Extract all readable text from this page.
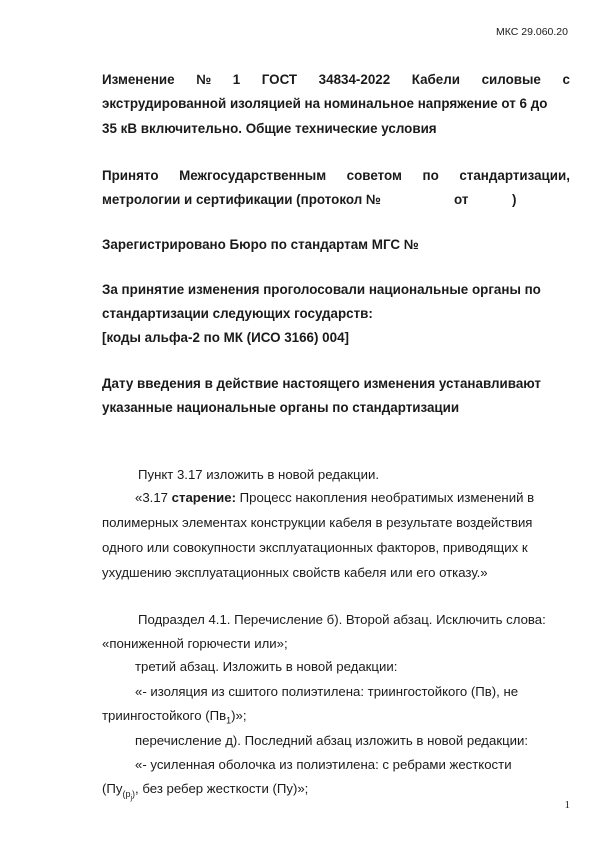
МКС 29.060.20
Изменение № 1 ГОСТ 34834-2022 Кабели силовые с
экструдированной изоляцией на номинальное напряжение от 6 до
35 кВ включительно. Общие технические условия
Принято Межгосударственным советом по стандартизации,
метрологии и сертификации (протокол №	от	)
Зарегистрировано Бюро по стандартам МГС №
За принятие изменения проголосовали национальные органы по
стандартизации следующих государств:
[коды альфа-2 по МК (ИСО 3166) 004]
Дату введения в действие настоящего изменения устанавливают
указанные национальные органы по стандартизации
Пункт 3.17 изложить в новой редакции.
«3.17 старение: Процесс накопления необратимых изменений в
полимерных элементах конструкции кабеля в результате воздействия
одного или совокупности эксплуатационных факторов, приводящих к
ухудшению эксплуатационных свойств кабеля или его отказу.»
Подраздел 4.1. Перечисление б). Второй абзац. Исключить слова:
«пониженной горючести или»;
третий абзац. Изложить в новой редакции:
«- изоляция из сшитого полиэтилена: триингостойкого (Пв), не
триингостойкого $(Пв_1)$»;
перечисление д). Последний абзац изложить в новой редакции:
«- усиленная оболочка из полиэтилена: с ребрами жесткости
($Пу_{(р_j)}$, без ребер жесткости (Пу)»;
1
